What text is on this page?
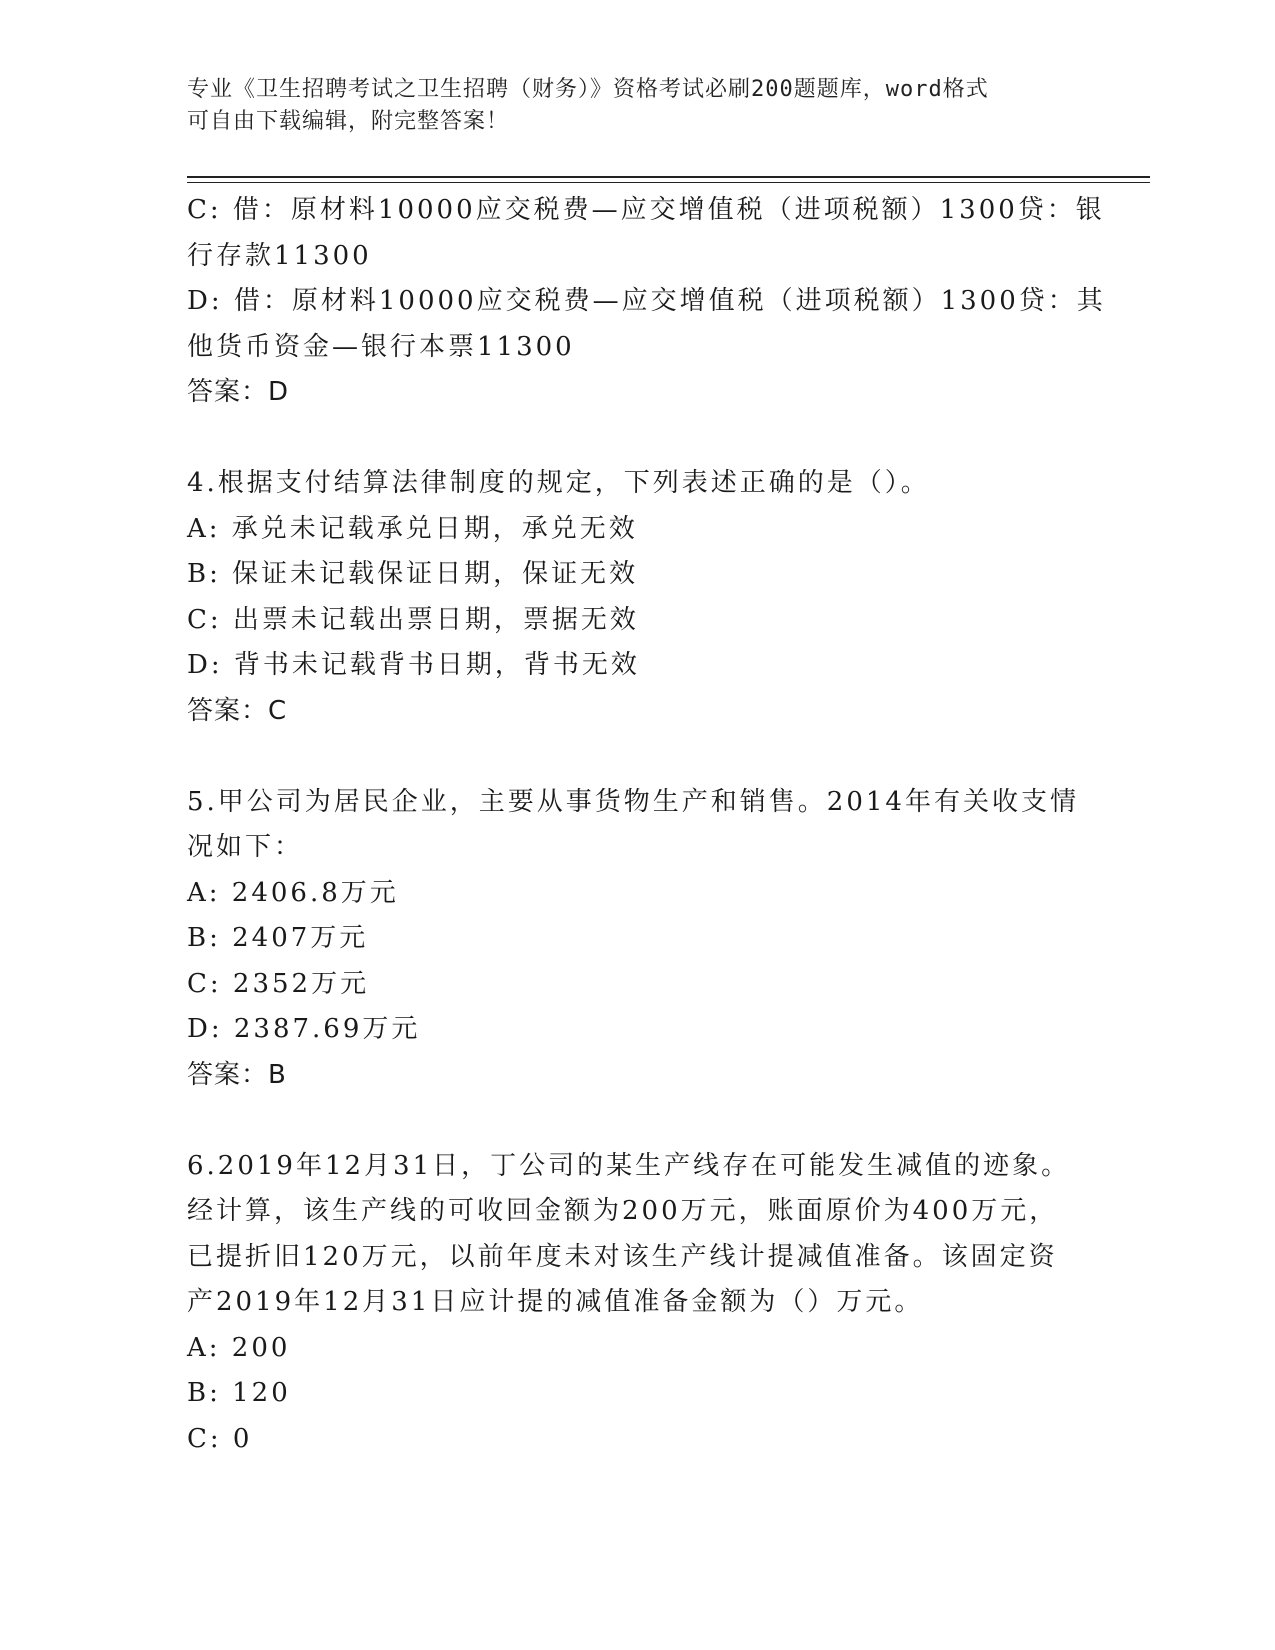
专业《卫生招聘考试之卫生招聘（财务）》资格考试必刷200题题库，word格式
可自由下载编辑，附完整答案！
C: 借：原材料10000应交税费—应交增值税（进项税额）1300贷：银
行存款11300
D: 借：原材料10000应交税费—应交增值税（进项税额）1300贷：其
他货币资金—银行本票11300
答案：D
4.根据支付结算法律制度的规定，下列表述正确的是（）。
A: 承兑未记载承兑日期，承兑无效
B: 保证未记载保证日期，保证无效
C: 出票未记载出票日期，票据无效
D: 背书未记载背书日期，背书无效
答案：C
5.甲公司为居民企业，主要从事货物生产和销售。2014年有关收支情
况如下：
A: 2406.8万元
B: 2407万元
C: 2352万元
D: 2387.69万元
答案：B
6.2019年12月31日，丁公司的某生产线存在可能发生减值的迹象。
经计算，该生产线的可收回金额为200万元，账面原价为400万元，
已提折旧120万元，以前年度未对该生产线计提减值准备。该固定资
产2019年12月31日应计提的减值准备金额为（）万元。
A: 200
B: 120
C: 0
